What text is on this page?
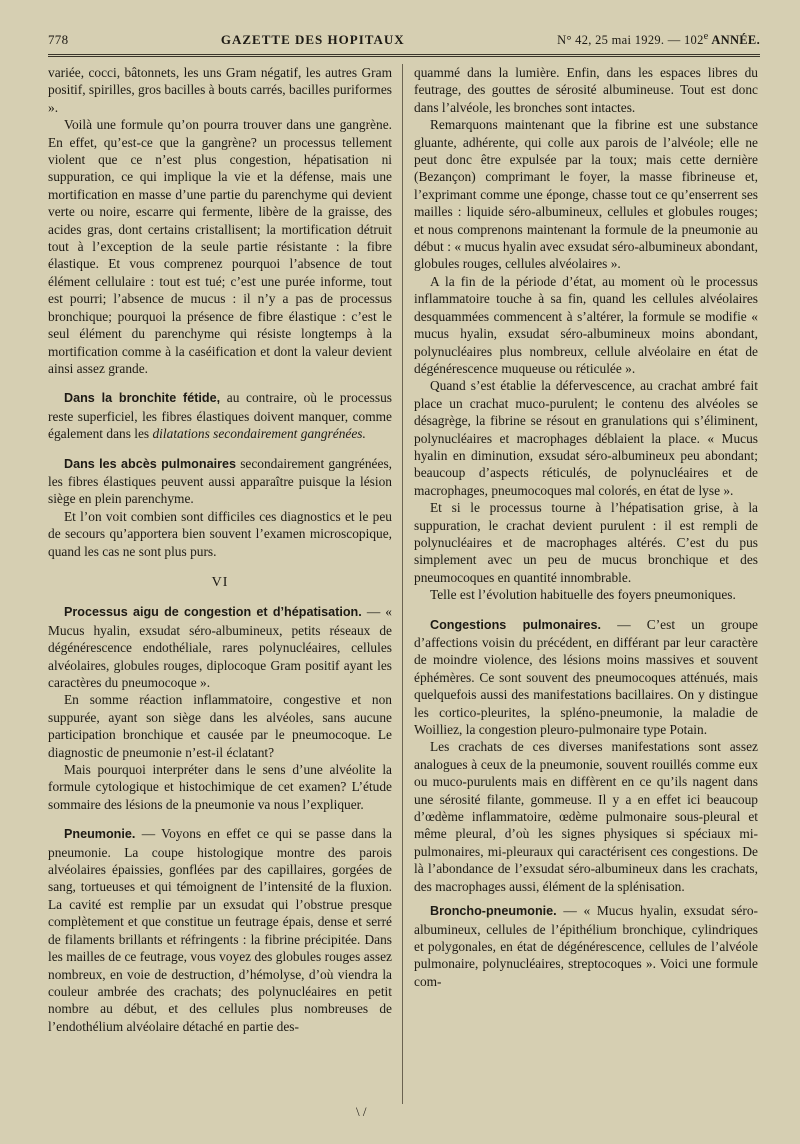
778	GAZETTE DES HOPITAUX	N° 42, 25 mai 1929. — 102e ANNÉE.

variée, cocci, bâtonnets, les uns Gram négatif, les autres Gram positif, spirilles, gros bacilles à bouts carrés, bacilles puriformes ».

Voilà une formule qu’on pourra trouver dans une gangrène. En effet, qu’est-ce que la gangrène? un processus tellement violent que ce n’est plus congestion, hépatisation ni suppuration, ce qui implique la vie et la défense, mais une mortification en masse d’une partie du parenchyme qui devient verte ou noire, escarre qui fermente, libère de la graisse, des acides gras, dont certains cristallisent; la mortification détruit tout à l’exception de la seule partie résistante : la fibre élastique. Et vous comprenez pourquoi l’absence de tout élément cellulaire : tout est tué; c’est une purée informe, tout est pourri; l’absence de mucus : il n’y a pas de processus bronchique; pourquoi la présence de fibre élastique : c’est le seul élément du parenchyme qui résiste longtemps à la mortification comme à la caséification et dont la valeur devient ainsi assez grande.

Dans la bronchite fétide, au contraire, où le processus reste superficiel, les fibres élastiques doivent manquer, comme également dans les dilatations secondairement gangrénées.

Dans les abcès pulmonaires secondairement gangrénées, les fibres élastiques peuvent aussi apparaître puisque la lésion siège en plein parenchyme.

Et l’on voit combien sont difficiles ces diagnostics et le peu de secours qu’apportera bien souvent l’examen microscopique, quand les cas ne sont plus purs.

VI

Processus aigu de congestion et d’hépatisation. — « Mucus hyalin, exsudat séro-albumineux, petits réseaux de dégénérescence endothéliale, rares polynucléaires, cellules alvéolaires, globules rouges, diplocoque Gram positif ayant les caractères du pneumocoque ».

En somme réaction inflammatoire, congestive et non suppurée, ayant son siège dans les alvéoles, sans aucune participation bronchique et causée par le pneumocoque. Le diagnostic de pneumonie n’est-il éclatant?

Mais pourquoi interpréter dans le sens d’une alvéolite la formule cytologique et histochimique de cet examen? L’étude sommaire des lésions de la pneumonie va nous l’expliquer.

Pneumonie. — Voyons en effet ce qui se passe dans la pneumonie. La coupe histologique montre des parois alvéolaires épaissies, gonflées par des capillaires, gorgées de sang, tortueuses et qui témoignent de l’intensité de la fluxion. La cavité est remplie par un exsudat qui l’obstrue presque complètement et que constitue un feutrage épais, dense et serré de filaments brillants et réfringents : la fibrine précipitée. Dans les mailles de ce feutrage, vous voyez des globules rouges assez nombreux, en voie de destruction, d’hémolyse, d’où viendra la couleur ambrée des crachats; des polynucléaires en petit nombre au début, et des cellules plus nombreuses de l’endothélium alvéolaire détaché en partie des-

quammé dans la lumière. Enfin, dans les espaces libres du feutrage, des gouttes de sérosité albumineuse. Tout est donc dans l’alvéole, les bronches sont intactes.

Remarquons maintenant que la fibrine est une substance gluante, adhérente, qui colle aux parois de l’alvéole; elle ne peut donc être expulsée par la toux; mais cette dernière (Bezançon) comprimant le foyer, la masse fibrineuse et, l’exprimant comme une éponge, chasse tout ce qu’enserrent ses mailles : liquide séro-albumineux, cellules et globules rouges; et nous comprenons maintenant la formule de la pneumonie au début : « mucus hyalin avec exsudat séro-albumineux abondant, globules rouges, cellules alvéolaires ».

A la fin de la période d’état, au moment où le processus inflammatoire touche à sa fin, quand les cellules alvéolaires desquammées commencent à s’altérer, la formule se modifie « mucus hyalin, exsudat séro-albumineux moins abondant, polynucléaires plus nombreux, cellule alvéolaire en état de dégénérescence muqueuse ou réticulée ».

Quand s’est établie la défervescence, au crachat ambré fait place un crachat muco-purulent; le contenu des alvéoles se désagrège, la fibrine se résout en granulations qui s’éliminent, polynucléaires et macrophages déblaient la place. « Mucus hyalin en diminution, exsudat séro-albumineux peu abondant; beaucoup d’aspects réticulés, de polynucléaires et de macrophages, pneumocoques mal colorés, en état de lyse ».

Et si le processus tourne à l’hépatisation grise, à la suppuration, le crachat devient purulent : il est rempli de polynucléaires et de macrophages altérés. C’est du pus simplement avec un peu de mucus bronchique et des pneumocoques en quantité innombrable.

Telle est l’évolution habituelle des foyers pneumoniques.

Congestions pulmonaires. — C’est un groupe d’affections voisin du précédent, en différant par leur caractère de moindre violence, des lésions moins massives et souvent éphémères. Ce sont souvent des pneumocoques atténués, mais quelquefois aussi des manifestations bacillaires. On y distingue les cortico-pleurites, la spléno-pneumonie, la maladie de Woilliez, la congestion pleuro-pulmonaire type Potain.

Les crachats de ces diverses manifestations sont assez analogues à ceux de la pneumonie, souvent rouillés comme eux ou muco-purulents mais en diffèrent en ce qu’ils nagent dans une sérosité filante, gommeuse. Il y a en effet ici beaucoup d’œdème inflammatoire, œdème pulmonaire sous-pleural et même pleural, d’où les signes physiques si spéciaux mi-pulmonaires, mi-pleuraux qui caractérisent ces congestions. De là l’abondance de l’exsudat séro-albumineux dans les crachats, des macrophages aussi, élément de la splénisation.

Broncho-pneumonie. — « Mucus hyalin, exsudat séro-albumineux, cellules de l’épithélium bronchique, cylindriques et polygonales, en état de dégénérescence, cellules de l’alvéole pulmonaire, polynucléaires, streptocoques ». Voici une formule com-

\ /
